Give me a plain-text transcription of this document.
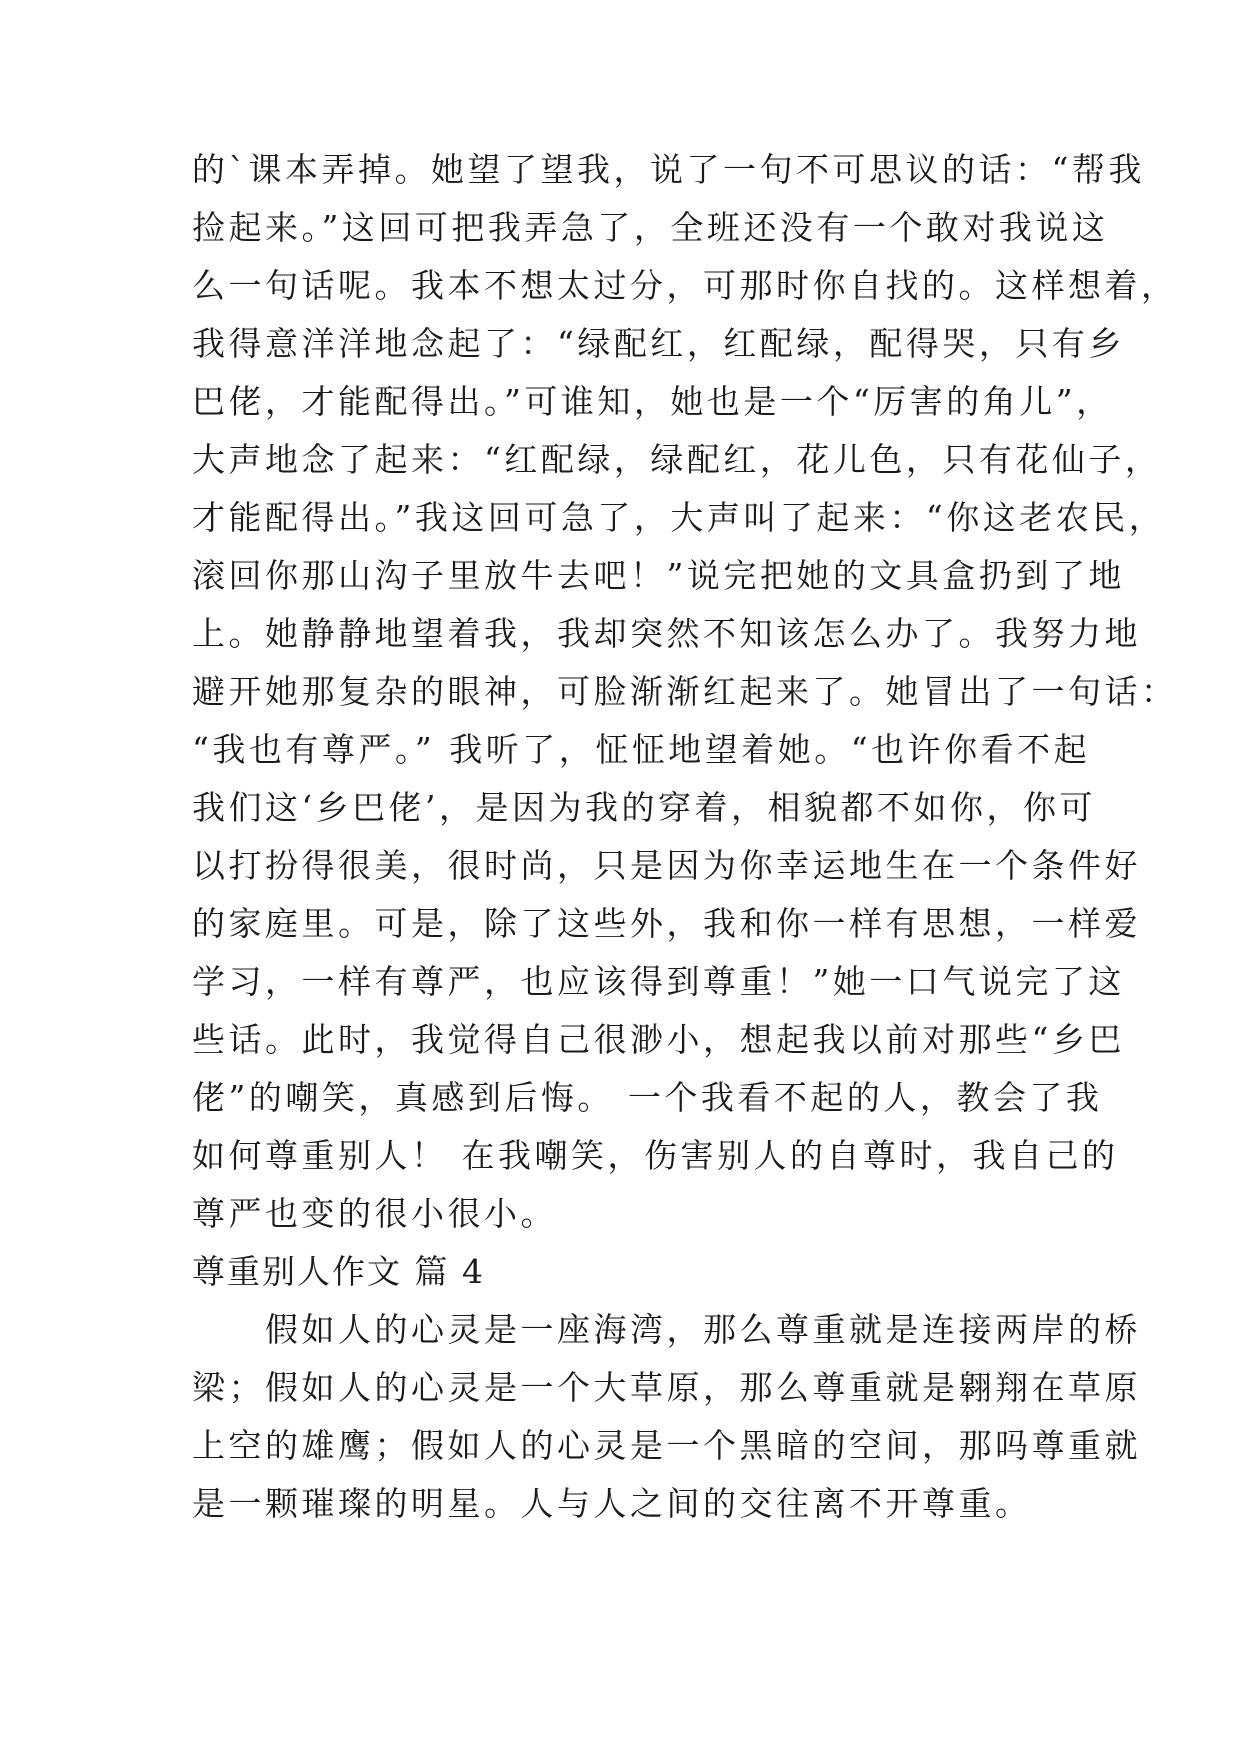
的`课本弄掉。她望了望我，说了一句不可思议的话：“帮我
捡起来。”这回可把我弄急了，全班还没有一个敢对我说这
么一句话呢。我本不想太过分，可那时你自找的。这样想着，
我得意洋洋地念起了：“绿配红，红配绿，配得哭，只有乡
巴佬，才能配得出。”可谁知，她也是一个“厉害的角儿”，
大声地念了起来：“红配绿，绿配红，花儿色，只有花仙子，
才能配得出。”我这回可急了，大声叫了起来：“你这老农民，
滚回你那山沟子里放牛去吧！”说完把她的文具盒扔到了地
上。她静静地望着我，我却突然不知该怎么办了。我努力地
避开她那复杂的眼神，可脸渐渐红起来了。她冒出了一句话：
“我也有尊严。” 我听了，怔怔地望着她。“也许你看不起
我们这‘乡巴佬’，是因为我的穿着，相貌都不如你，你可
以打扮得很美，很时尚，只是因为你幸运地生在一个条件好
的家庭里。可是，除了这些外，我和你一样有思想，一样爱
学习，一样有尊严，也应该得到尊重！”她一口气说完了这
些话。此时，我觉得自己很渺小，想起我以前对那些“乡巴
佬”的嘲笑，真感到后悔。 一个我看不起的人，教会了我
如何尊重别人！ 在我嘲笑，伤害别人的自尊时，我自己的
尊严也变的很小很小。
尊重别人作文 篇 4
　　假如人的心灵是一座海湾，那么尊重就是连接两岸的桥
梁；假如人的心灵是一个大草原，那么尊重就是翱翔在草原
上空的雄鹰；假如人的心灵是一个黑暗的空间，那吗尊重就
是一颗璀璨的明星。人与人之间的交往离不开尊重。
